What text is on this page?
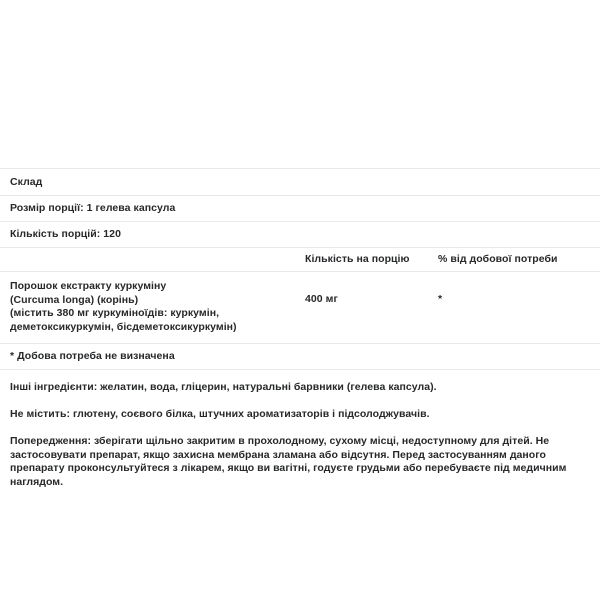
Склад
Розмір порції: 1 гелева капсула
Кількість порцій: 120
Кількість на порцію	% від добової потреби
Порошок екстракту куркуміну
(Curcuma longa) (корінь)
(містить 380 мг куркуміноїдів: куркумін,
деметоксикуркумін, бісдеметоксикуркумін)
400 мг	*
* Добова потреба не визначена

Інші інгредієнти: желатин, вода, гліцерин, натуральні барвники (гелева капсула).

Не містить: глютену, соєвого білка, штучних ароматизаторів і підсолоджувачів.

Попередження: зберігати щільно закритим в прохолодному, сухому місці, недоступному для дітей. Не застосовувати препарат, якщо захисна мембрана зламана або відсутня. Перед застосуванням даного препарату проконсультуйтеся з лікарем, якщо ви вагітні, годуєте грудьми або перебуваєте під медичним наглядом.
